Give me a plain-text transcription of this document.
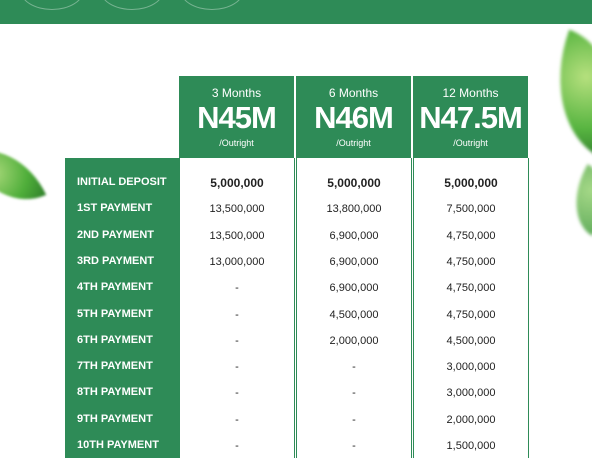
3 Months
N45M
/Outright
6 Months
N46M
/Outright
12 Months
N47.5M
/Outright
INITIAL DEPOSIT
1ST PAYMENT
2ND PAYMENT
3RD PAYMENT
4TH PAYMENT
5TH PAYMENT
6TH PAYMENT
7TH PAYMENT
8TH PAYMENT
9TH PAYMENT
10TH PAYMENT
5,000,000
13,500,000
13,500,000
13,000,000
-
-
-
-
-
-
-
5,000,000
13,800,000
6,900,000
6,900,000
6,900,000
4,500,000
2,000,000
-
-
-
-
5,000,000
7,500,000
4,750,000
4,750,000
4,750,000
4,750,000
4,500,000
3,000,000
3,000,000
2,000,000
1,500,000
